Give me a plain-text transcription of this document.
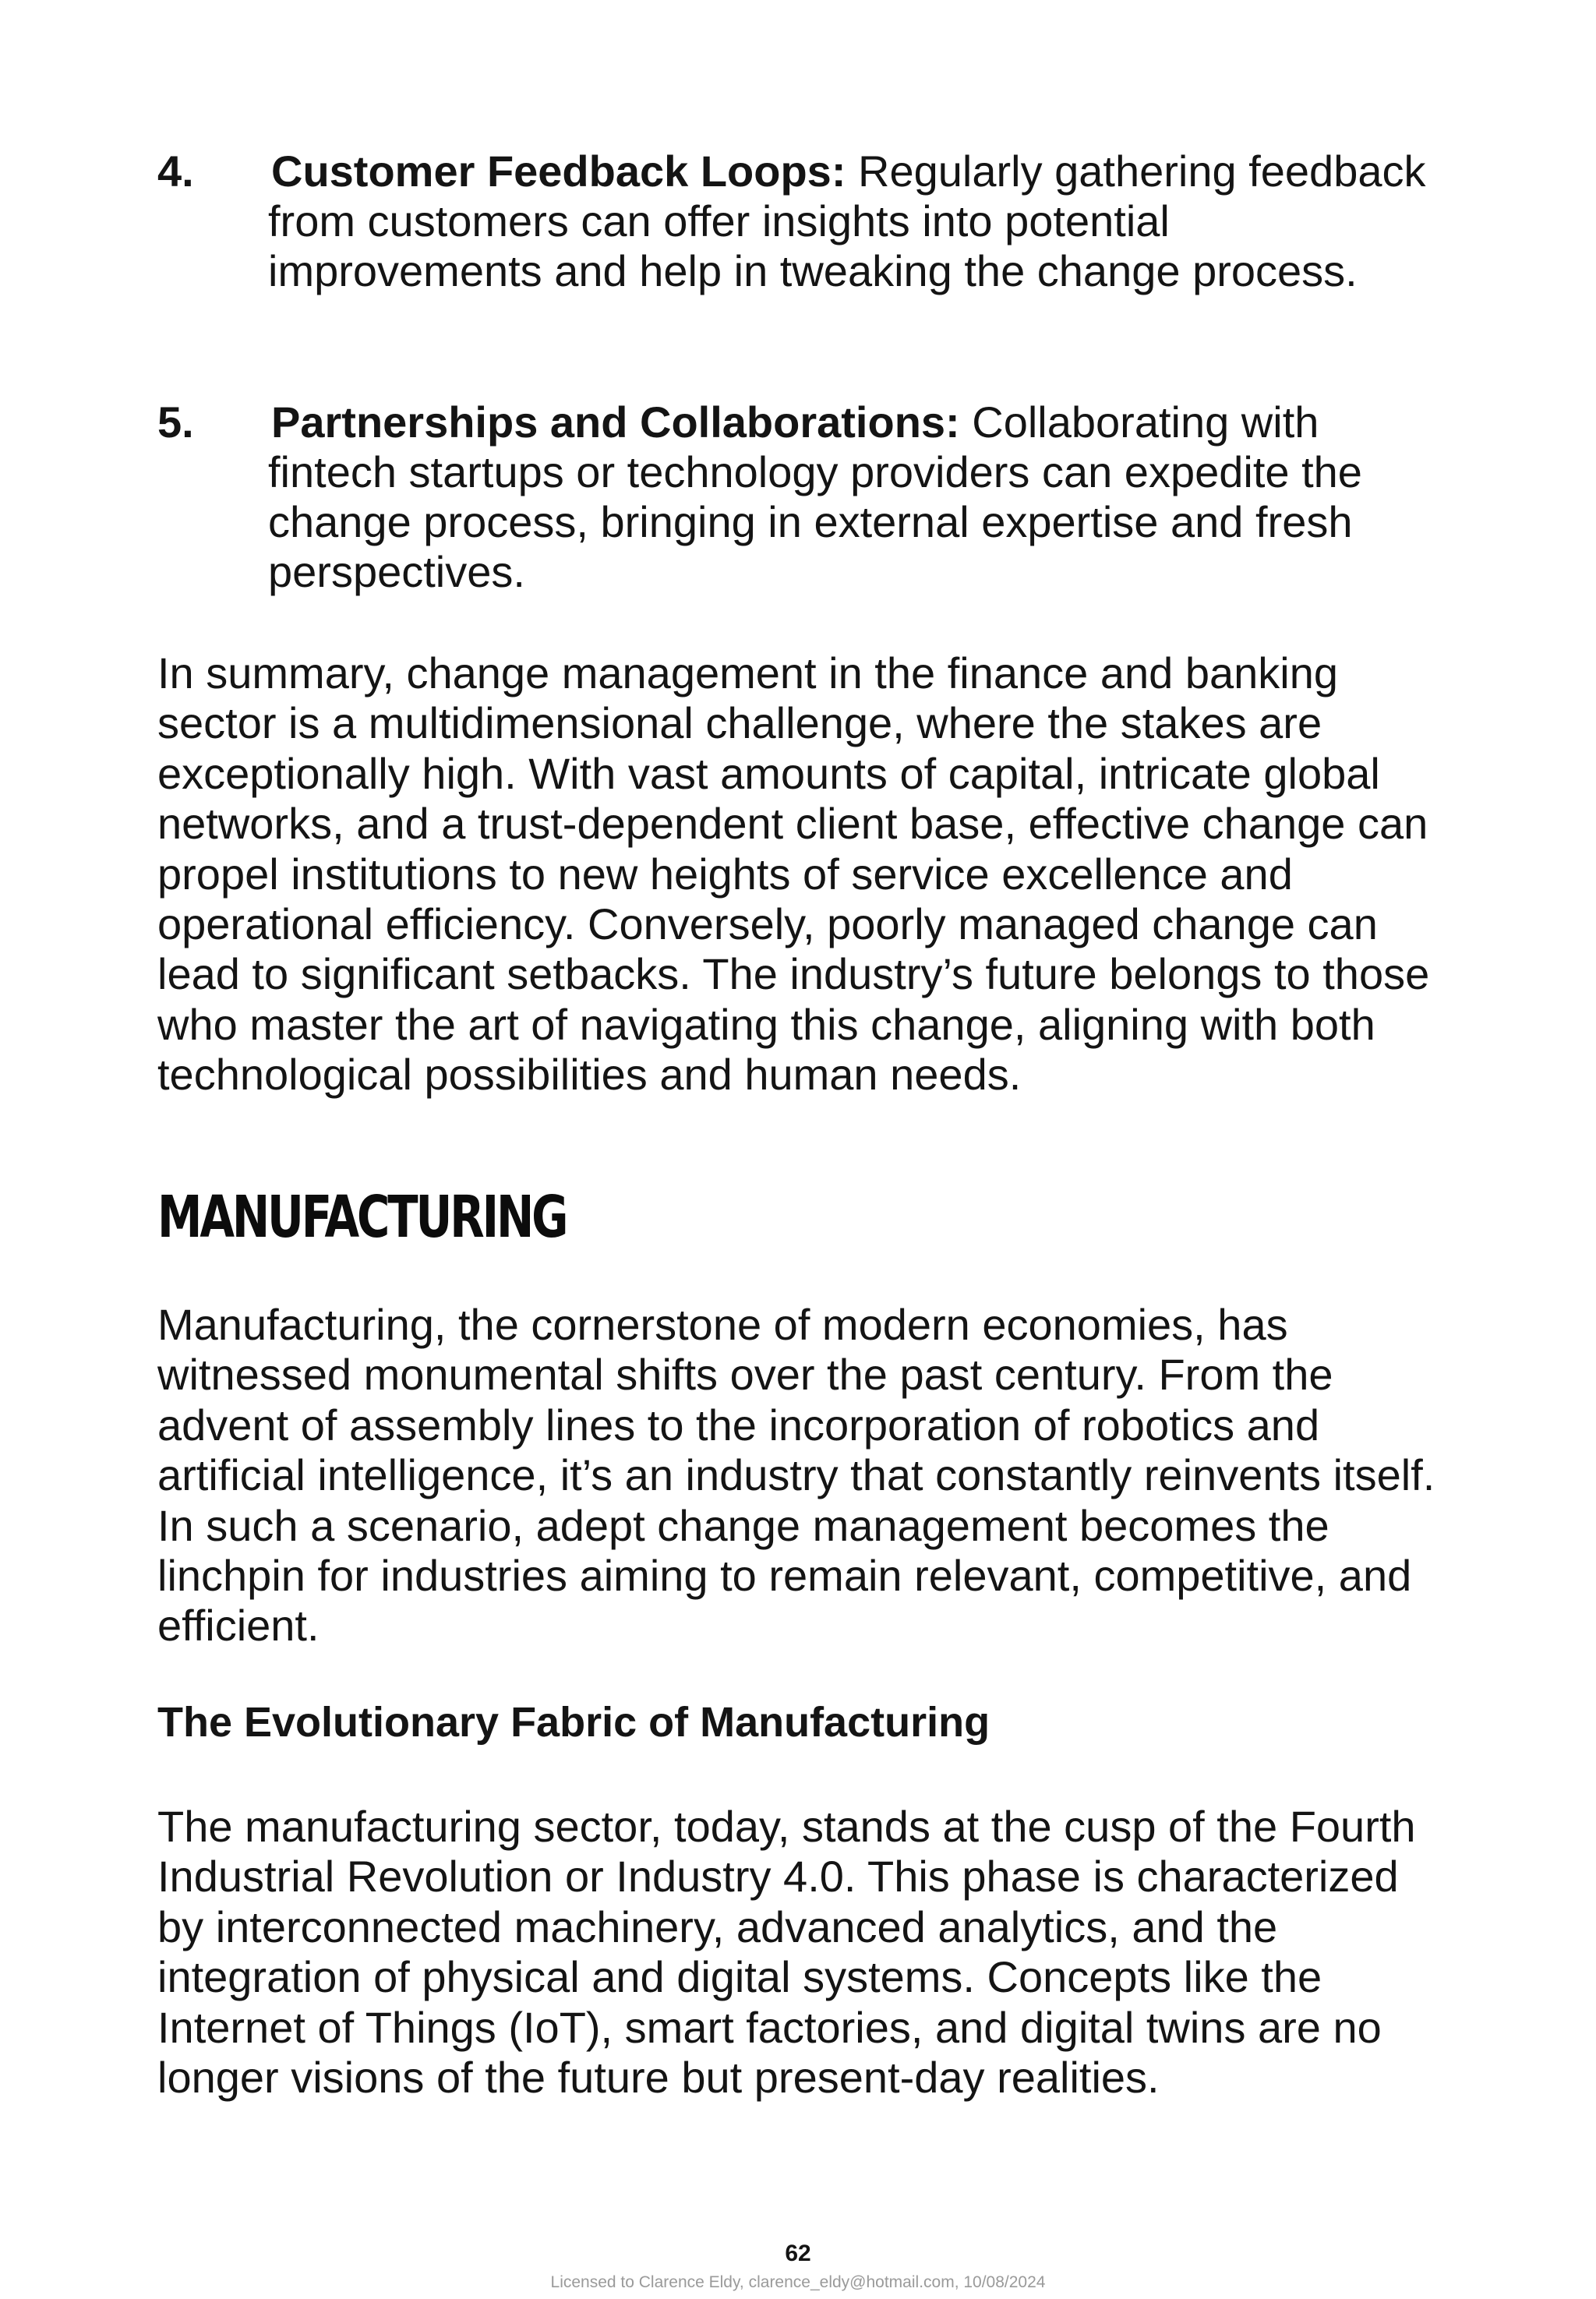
4. Customer Feedback Loops: Regularly gathering feedback from customers can offer insights into potential improvements and help in tweaking the change process.
5. Partnerships and Collaborations: Collaborating with fintech startups or technology providers can expedite the change process, bringing in external expertise and fresh perspectives.

In summary, change management in the finance and banking sector is a multidimensional challenge, where the stakes are exceptionally high. With vast amounts of capital, intricate global networks, and a trust-dependent client base, effective change can propel institutions to new heights of service excellence and operational efficiency. Conversely, poorly managed change can lead to significant setbacks. The industry’s future belongs to those who master the art of navigating this change, aligning with both technological possibilities and human needs.

MANUFACTURING

Manufacturing, the cornerstone of modern economies, has witnessed monumental shifts over the past century. From the advent of assembly lines to the incorporation of robotics and artificial intelligence, it’s an industry that constantly reinvents itself. In such a scenario, adept change management becomes the linchpin for industries aiming to remain relevant, competitive, and efficient.

The Evolutionary Fabric of Manufacturing

The manufacturing sector, today, stands at the cusp of the Fourth Industrial Revolution or Industry 4.0. This phase is characterized by interconnected machinery, advanced analytics, and the integration of physical and digital systems. Concepts like the Internet of Things (IoT), smart factories, and digital twins are no longer visions of the future but present-day realities.

62
Licensed to Clarence Eldy, clarence_eldy@hotmail.com, 10/08/2024
